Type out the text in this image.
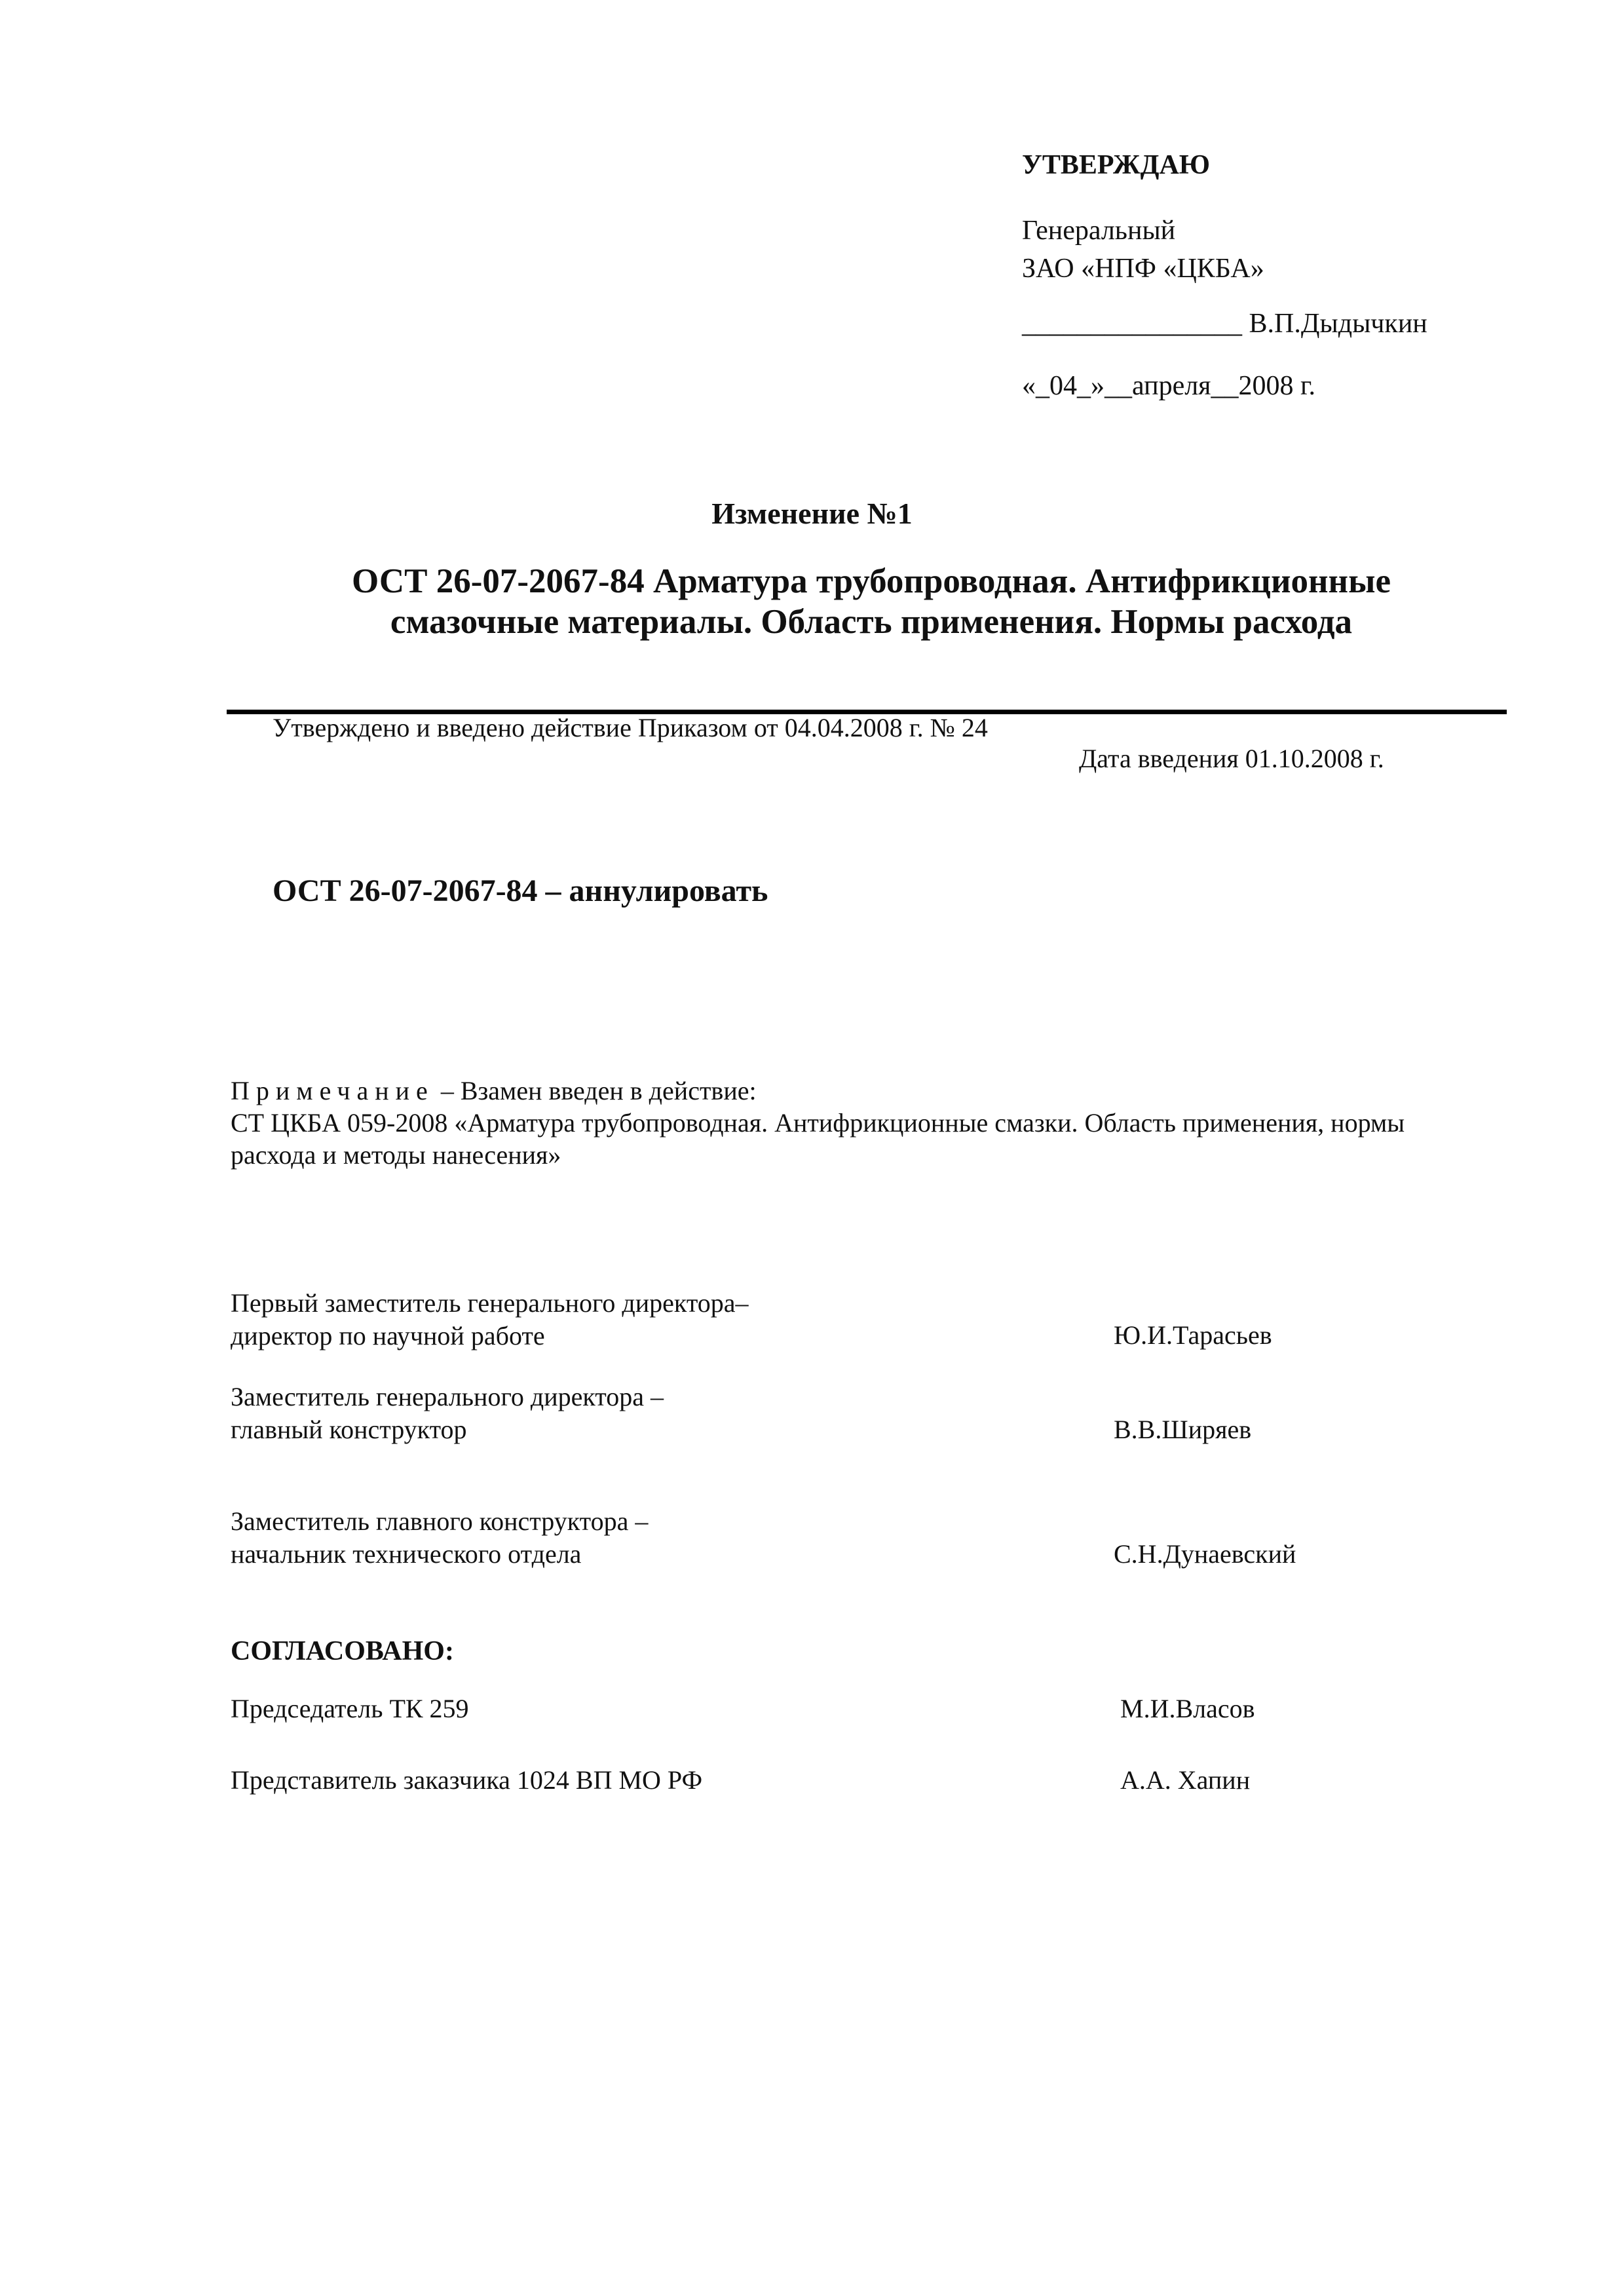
УТВЕРЖДАЮ
Генеральный
ЗАО «НПФ «ЦКБА»
________________ В.П.Дыдычкин
«_04_»__апреля__2008 г.
Изменение №1
ОСТ 26-07-2067-84 Арматура трубопроводная. Антифрикционные
смазочные материалы. Область применения. Нормы расхода
Утверждено и введено действие Приказом от 04.04.2008 г. № 24
Дата введения 01.10.2008 г.
ОСТ 26-07-2067-84 – аннулировать
Примечание – Взамен введен в действие:
СТ ЦКБА 059-2008 «Арматура трубопроводная. Антифрикционные смазки. Область применения, нормы
расхода и методы нанесения»
Первый заместитель генерального директора–
директор по научной работе	Ю.И.Тарасьев
Заместитель генерального директора –
главный конструктор	В.В.Ширяев
Заместитель главного конструктора –
начальник технического отдела	С.Н.Дунаевский
СОГЛАСОВАНО:
Председатель ТК 259	М.И.Власов
Представитель заказчика 1024 ВП МО РФ	А.А. Хапин
